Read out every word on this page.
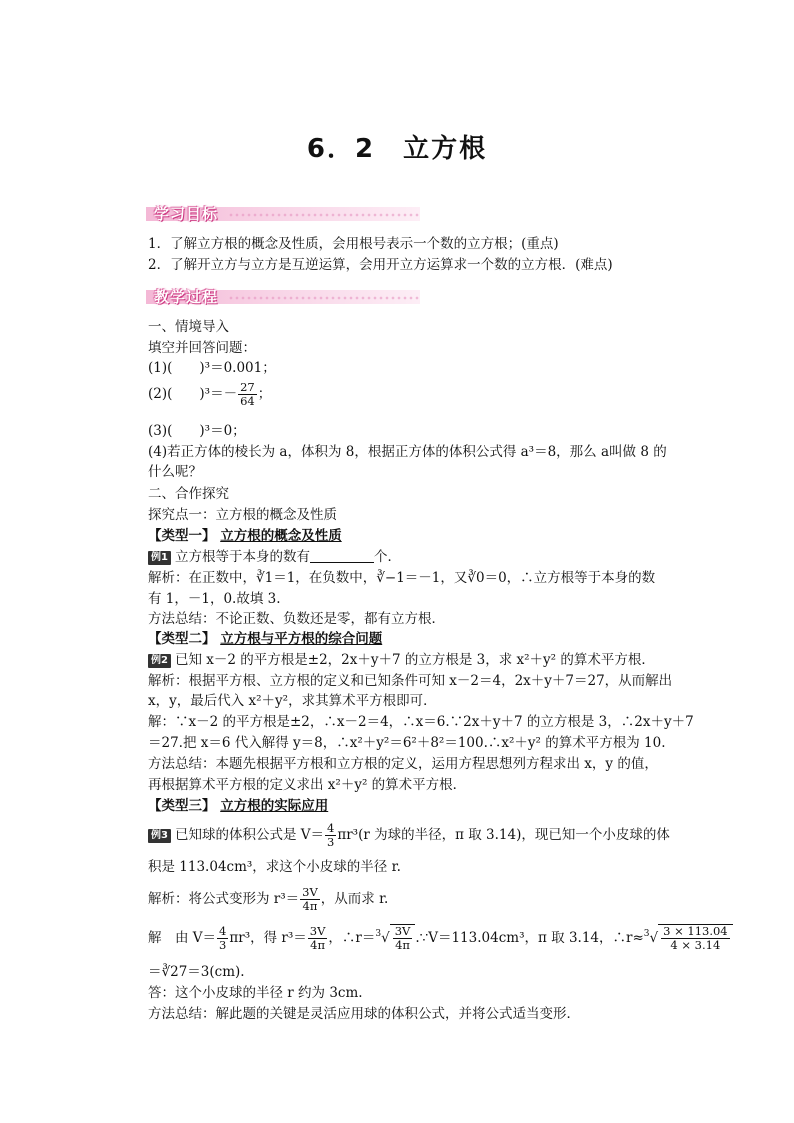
6．2 立方根
学习目标
1．了解立方根的概念及性质，会用根号表示一个数的立方根；(重点)
2．了解开立方与立方是互逆运算，会用开立方运算求一个数的立方根．(难点)
教学过程
一、情境导入
填空并回答问题：
(1)(　　)³＝0.001；
(2)(　　)$^3=- \frac{27}{64}$ ；
(3)(　　)³＝0；
(4)若正方体的棱长为 a，体积为 8，根据正方体的体积公式得 a³＝8，那么 a叫做 8 的
什么呢？
二、合作探究
探究点一：立方根的概念及性质
【类型一】 立方根的概念及性质
例1 立方根等于本身的数有	个．
解析：在正数中，∛1＝1，在负数中，∛−1＝－1，又∛0＝0，∴立方根等于本身的数
有 1，－1，0.故填 3.
方法总结：不论正数、负数还是零，都有立方根．
【类型二】 立方根与平方根的综合问题
例2 已知 x－2 的平方根是±2，2x＋y＋7 的立方根是 3，求 x²＋y² 的算术平方根．
解析：根据平方根、立方根的定义和已知条件可知 x－2＝4，2x＋y＋7＝27，从而解出
x，y，最后代入 x²＋y²，求其算术平方根即可．
解：∵x－2 的平方根是±2，∴x－2＝4，∴x＝6.∵2x＋y＋7 的立方根是 3，∴2x＋y＋7
＝27.把 x＝6 代入解得 y＝8，∴x²＋y²＝6²＋8²＝100.∴x²＋y² 的算术平方根为 10.
方法总结：本题先根据平方根和立方根的定义，运用方程思想列方程求出 x，y 的值，
再根据算术平方根的定义求出 x²＋y² 的算术平方根．
【类型三】 立方根的实际应用
例3 已知球的体积公式是 $V= \frac{4}{3} \pi r^3(r$ 为球的半径，π 取 3.14)，现已知一个小皮球的体
积是 113.04cm³，求这个小皮球的半径 r.
解析：将公式变形为 $r^3= \frac{3V}{4\pi}$ ，从而求 r.
解　由 $V= \frac{4}{3} \pi r^3$，得 $r^3= \frac{3V}{4\pi}$ ，∴r＝$^3$√ $\frac{3V}{4\pi}$ .∵V＝113.04cm³，π 取 3.14，∴r≈$^3$√ $\frac{3 \times 113.04}{4 \times 3.14}$
＝∛27＝3(cm).
答：这个小皮球的半径 r 约为 3cm.
方法总结：解此题的关键是灵活应用球的体积公式，并将公式适当变形．
